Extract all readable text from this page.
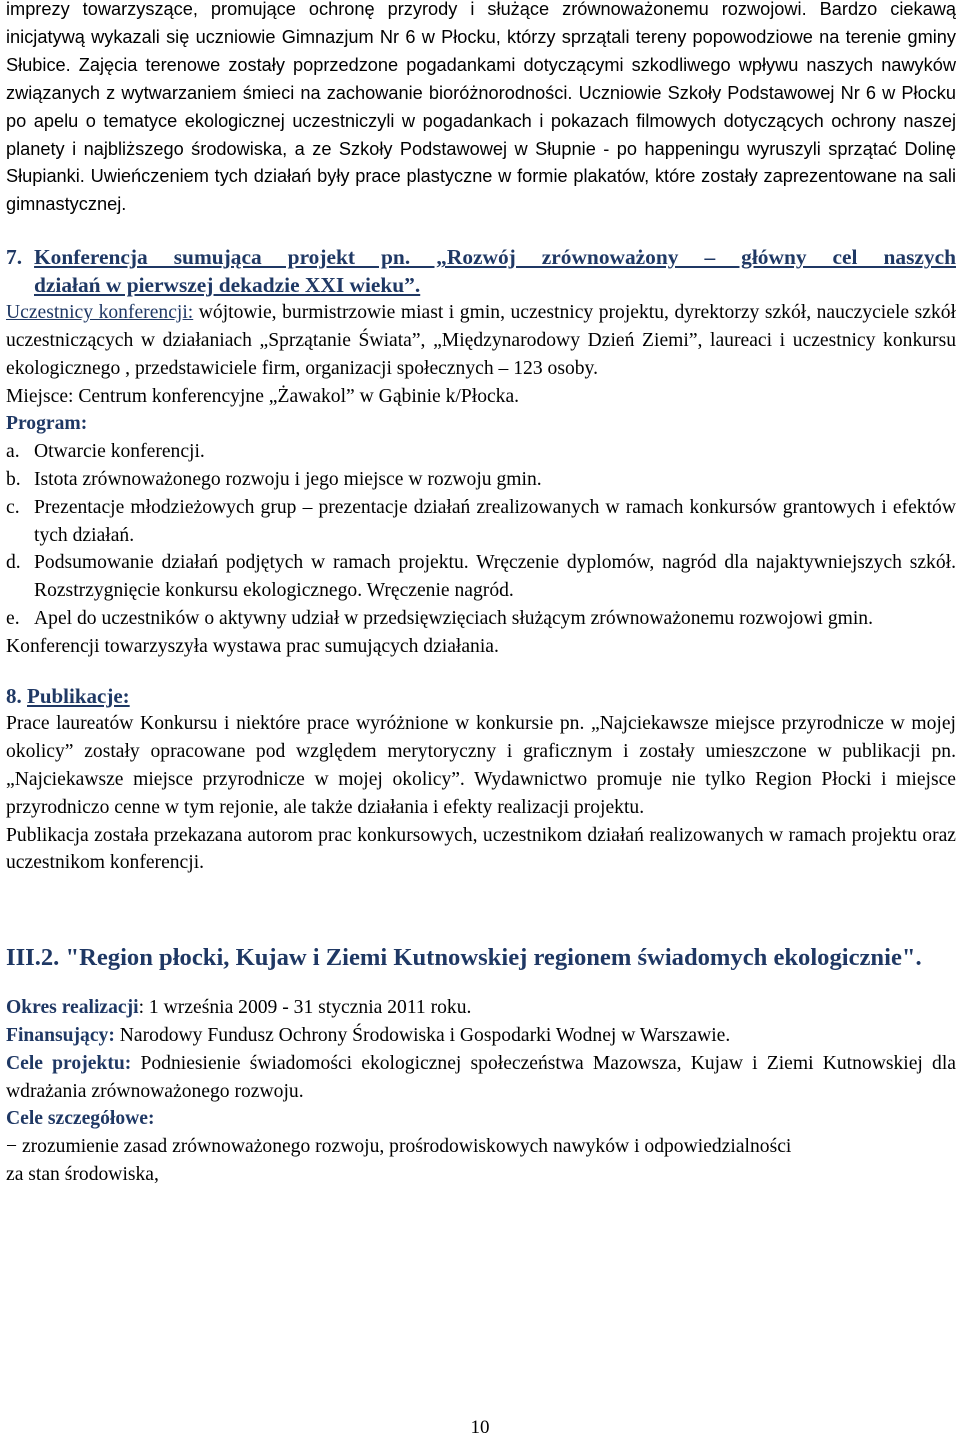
imprezy towarzyszące, promujące ochronę przyrody i służące zrównoważonemu rozwojowi. Bardzo ciekawą inicjatywą wykazali się uczniowie Gimnazjum Nr 6 w Płocku, którzy sprzątali tereny popowodziowe na terenie gminy Słubice. Zajęcia terenowe zostały poprzedzone pogadankami dotyczącymi szkodliwego wpływu naszych nawyków związanych z wytwarzaniem śmieci na zachowanie bioróżnorodności. Uczniowie Szkoły Podstawowej Nr 6 w Płocku po apelu o tematyce ekologicznej uczestniczyli w pogadankach i pokazach filmowych dotyczących ochrony naszej planety i najbliższego środowiska, a ze Szkoły Podstawowej w Słupnie - po happeningu wyruszyli sprzątać Dolinę Słupianki. Uwieńczeniem tych działań były prace plastyczne w formie plakatów, które zostały zaprezentowane na sali gimnastycznej.

7. Konferencja sumująca projekt pn. „Rozwój zrównoważony – główny cel naszych
działań w pierwszej dekadzie XXI wieku”.

Uczestnicy konferencji: wójtowie, burmistrzowie miast i gmin, uczestnicy projektu, dyrektorzy szkół, nauczyciele szkół uczestniczących w działaniach „Sprzątanie Świata”, „Międzynarodowy Dzień Ziemi”, laureaci i uczestnicy konkursu ekologicznego , przedstawiciele firm, organizacji społecznych – 123 osoby.

Miejsce: Centrum konferencyjne „Żawakol” w Gąbinie k/Płocka.

Program:

a. Otwarcie konferencji.
b. Istota zrównoważonego rozwoju i jego miejsce w rozwoju gmin.
c. Prezentacje młodzieżowych grup – prezentacje działań zrealizowanych w ramach konkursów grantowych i efektów tych działań.
d. Podsumowanie działań podjętych w ramach projektu. Wręczenie dyplomów, nagród dla najaktywniejszych szkół. Rozstrzygnięcie konkursu ekologicznego. Wręczenie nagród.
e. Apel do uczestników o aktywny udział w przedsięwzięciach służącym zrównoważonemu rozwojowi gmin.

Konferencji towarzyszyła wystawa prac sumujących działania.

8. Publikacje:

Prace laureatów Konkursu i niektóre prace wyróżnione w konkursie pn. „Najciekawsze miejsce przyrodnicze w mojej okolicy” zostały opracowane pod względem merytoryczny i graficznym i zostały umieszczone w publikacji pn. „Najciekawsze miejsce przyrodnicze w mojej okolicy”. Wydawnictwo promuje nie tylko Region Płocki i miejsce przyrodniczo cenne w tym rejonie, ale także działania i efekty realizacji projektu.

Publikacja została przekazana autorom prac konkursowych, uczestnikom działań realizowanych w ramach projektu oraz uczestnikom konferencji.

III.2. "Region płocki, Kujaw i Ziemi Kutnowskiej regionem świadomych ekologicznie".

Okres realizacji: 1 września 2009 - 31 stycznia 2011 roku.

Finansujący: Narodowy Fundusz Ochrony Środowiska i Gospodarki Wodnej w Warszawie.

Cele projektu: Podniesienie świadomości ekologicznej społeczeństwa Mazowsza, Kujaw i Ziemi Kutnowskiej dla wdrażania zrównoważonego rozwoju.

Cele szczegółowe:

− zrozumienie zasad zrównoważonego rozwoju, prośrodowiskowych nawyków i odpowiedzialności za stan środowiska,

10
